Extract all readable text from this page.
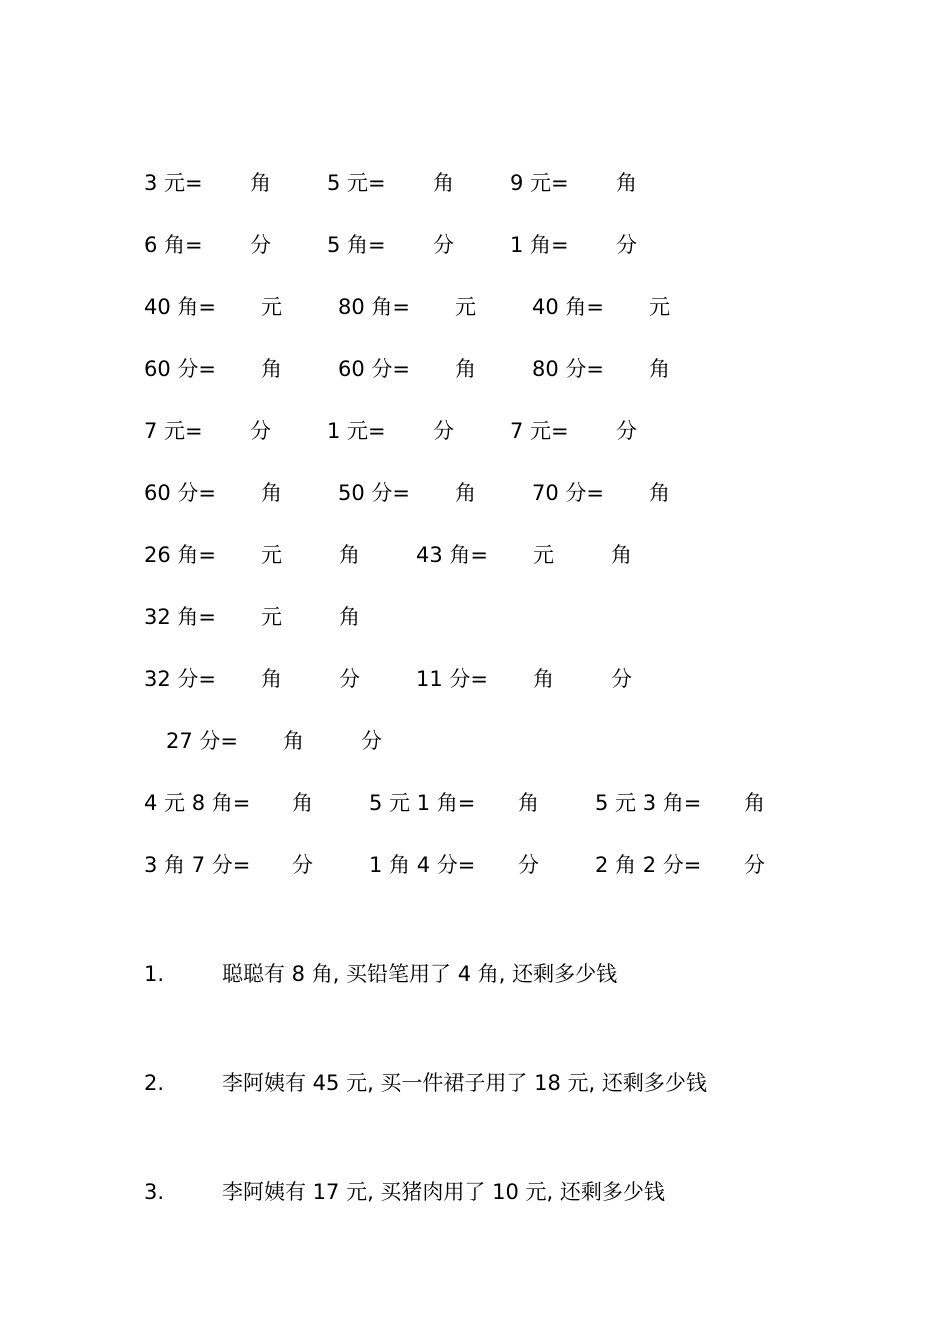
3 元= 角	5 元= 角	9 元= 角
6 角= 分	5 角= 分	1 角= 分
40 角= 元	80 角= 元	40 角= 元
60 分= 角	60 分= 角	80 分= 角
7 元= 分	1 元= 分	7 元= 分
60 分= 角	50 分= 角	70 分= 角
26 角= 元	角	43 角= 元	角
32 角= 元	角
32 分= 角	分	11 分= 角	分
27 分= 角	分
4 元 8 角= 角	5 元 1 角= 角	5 元 3 角= 角
3 角 7 分= 分	1 角 4 分= 分	2 角 2 分= 分
1.	聪聪有 8 角, 买铅笔用了 4 角, 还剩多少钱
2.	李阿姨有 45 元, 买一件裙子用了 18 元, 还剩多少钱
3.	李阿姨有 17 元, 买猪肉用了 10 元, 还剩多少钱
